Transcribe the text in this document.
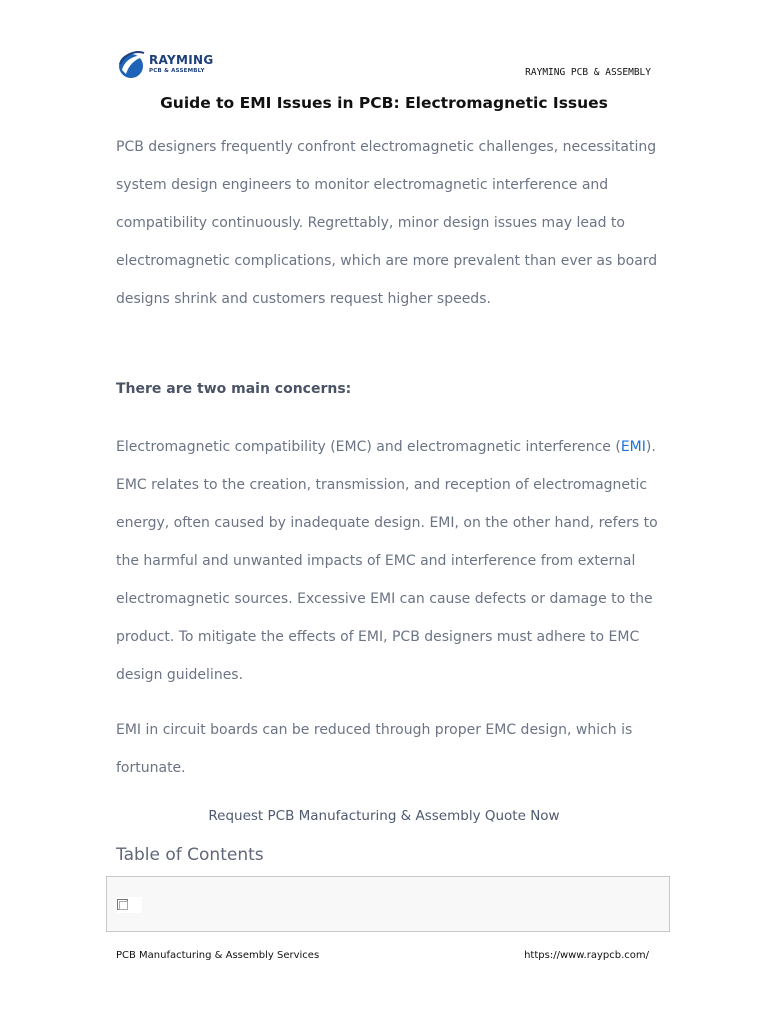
RAYMING
PCB & ASSEMBLY	RAYMING PCB & ASSEMBLY
Guide to EMI Issues in PCB: Electromagnetic Issues
PCB designers frequently confront electromagnetic challenges, necessitating system design engineers to monitor electromagnetic interference and compatibility continuously. Regrettably, minor design issues may lead to electromagnetic complications, which are more prevalent than ever as board designs shrink and customers request higher speeds.
There are two main concerns:
Electromagnetic compatibility (EMC) and electromagnetic interference (EMI). EMC relates to the creation, transmission, and reception of electromagnetic energy, often caused by inadequate design. EMI, on the other hand, refers to the harmful and unwanted impacts of EMC and interference from external electromagnetic sources. Excessive EMI can cause defects or damage to the product. To mitigate the effects of EMI, PCB designers must adhere to EMC design guidelines.
EMI in circuit boards can be reduced through proper EMC design, which is fortunate.
Request PCB Manufacturing & Assembly Quote Now
Table of Contents
PCB Manufacturing & Assembly Services	https://www.raypcb.com/
